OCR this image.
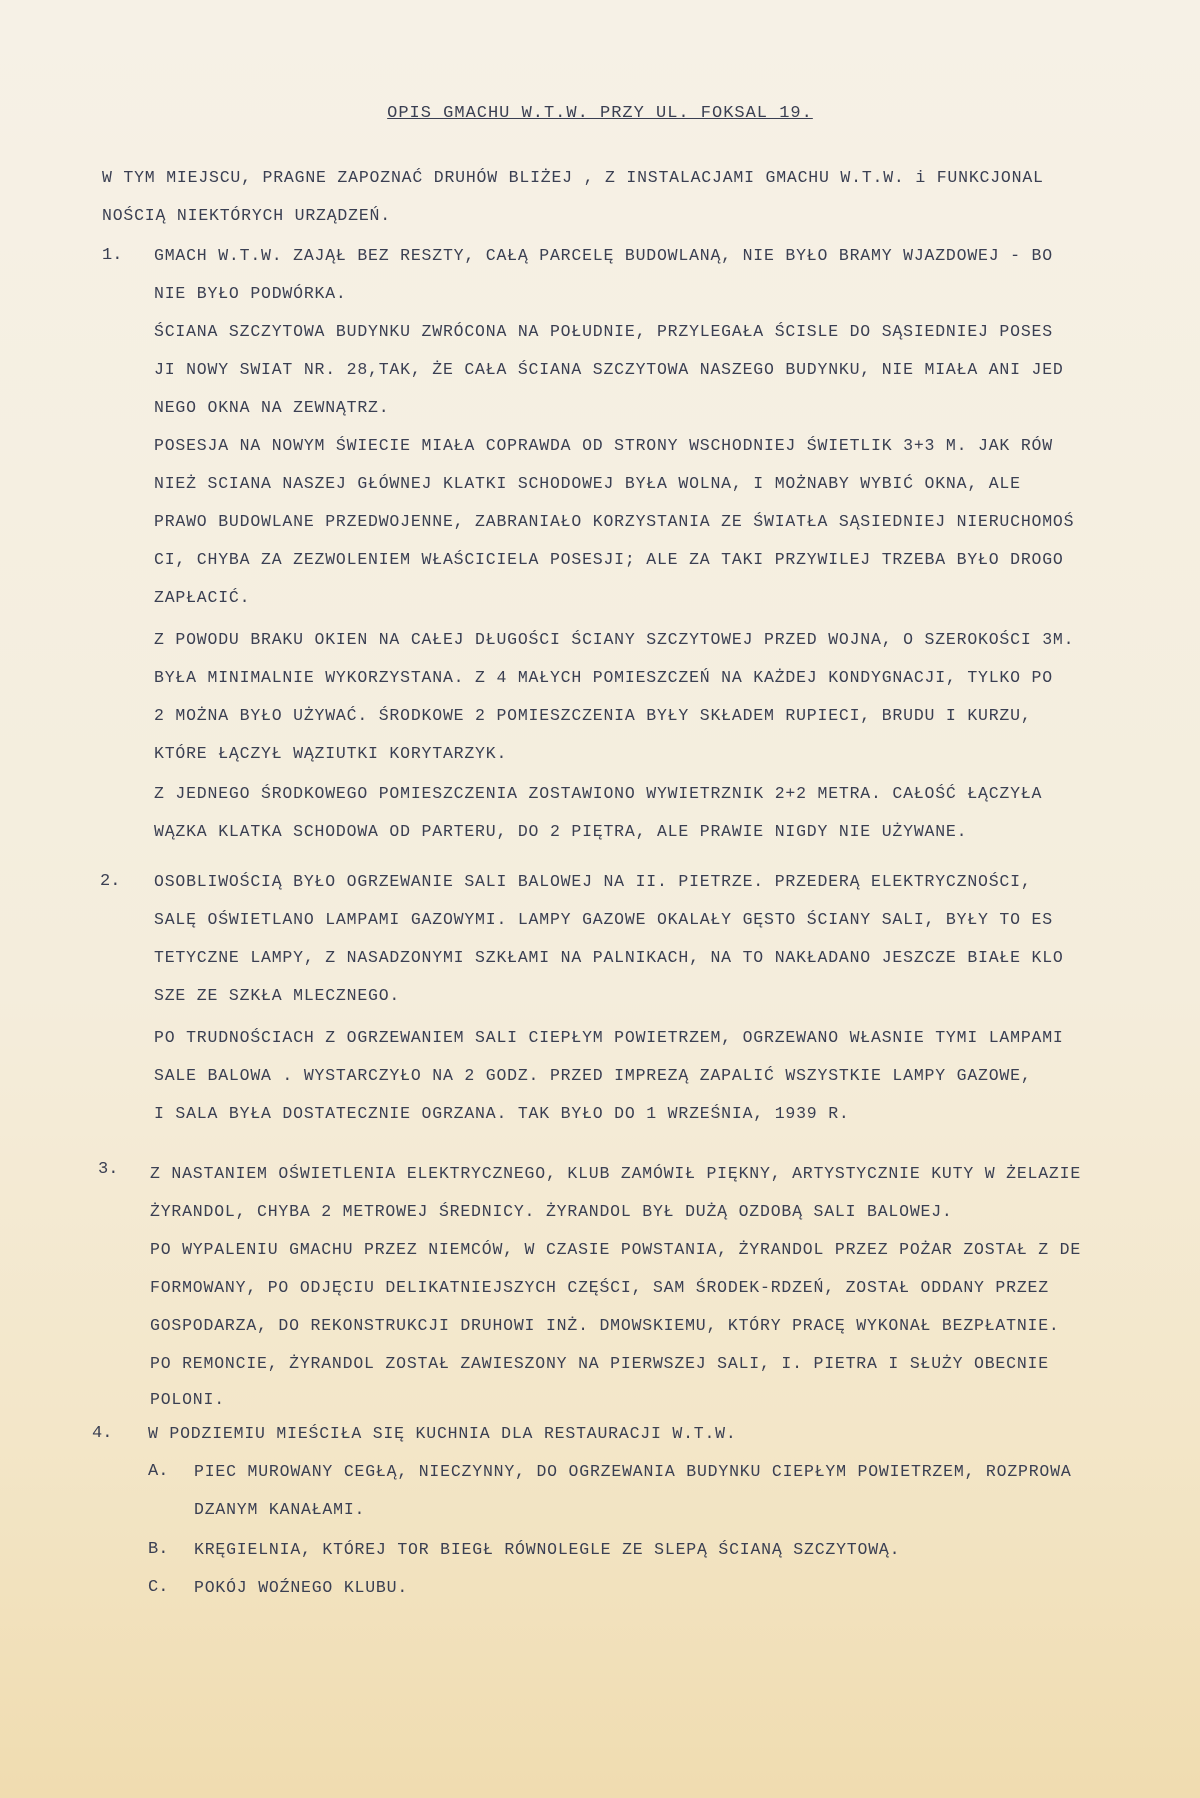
OPIS GMACHU W.T.W. PRZY UL. FOKSAL 19.
W TYM MIEJSCU, PRAGNE ZAPOZNAĆ DRUHÓW BLIŻEJ , Z INSTALACJAMI GMACHU W.T.W. i FUNKCJONAL
NOŚCIĄ NIEKTÓRYCH URZĄDZEŃ.
1. GMACH W.T.W. ZAJĄŁ BEZ RESZTY, CAŁĄ PARCELĘ BUDOWLANĄ, NIE BYŁO BRAMY WJAZDOWEJ - BO
NIE BYŁO PODWÓRKA.
ŚCIANA SZCZYTOWA BUDYNKU ZWRÓCONA NA POŁUDNIE, PRZYLEGAŁA ŚCISLE DO SĄSIEDNIEJ POSES
JI NOWY SWIAT NR. 28,TAK, ŻE CAŁA ŚCIANA SZCZYTOWA NASZEGO BUDYNKU, NIE MIAŁA ANI JED
NEGO OKNA NA ZEWNĄTRZ.
POSESJA NA NOWYM ŚWIECIE MIAŁA COPRAWDA OD STRONY WSCHODNIEJ ŚWIETLIK 3+3 M. JAK RÓW
NIEŻ SCIANA NASZEJ GŁÓWNEJ KLATKI SCHODOWEJ BYŁA WOLNA, I MOŻNABY WYBIĆ OKNA, ALE
PRAWO BUDOWLANE PRZEDWOJENNE, ZABRANIAŁO KORZYSTANIA ZE ŚWIATŁA SĄSIEDNIEJ NIERUCHOMOŚ
CI, CHYBA ZA ZEZWOLENIEM WŁAŚCICIELA POSESJI; ALE ZA TAKI PRZYWILEJ TRZEBA BYŁO DROGO
ZAPŁACIĆ.
Z POWODU BRAKU OKIEN NA CAŁEJ DŁUGOŚCI ŚCIANY SZCZYTOWEJ PRZED WOJNA, O SZEROKOŚCI 3M.
BYŁA MINIMALNIE WYKORZYSTANA. Z 4 MAŁYCH POMIESZCZEŃ NA KAŻDEJ KONDYGNACJI, TYLKO PO
2 MOŻNA BYŁO UŻYWAĆ. ŚRODKOWE 2 POMIESZCZENIA BYŁY SKŁADEM RUPIECI, BRUDU I KURZU,
KTÓRE ŁĄCZYŁ WĄZIUTKI KORYTARZYK.
Z JEDNEGO ŚRODKOWEGO POMIESZCZENIA ZOSTAWIONO WYWIETRZNIK 2+2 METRA. CAŁOŚĆ ŁĄCZYŁA
WĄZKA KLATKA SCHODOWA OD PARTERU, DO 2 PIĘTRA, ALE PRAWIE NIGDY NIE UŻYWANE.
2. OSOBLIWOŚCIĄ BYŁO OGRZEWANIE SALI BALOWEJ NA II. PIETRZE. PRZEDERĄ ELEKTRYCZNOŚCI,
SALĘ OŚWIETLANO LAMPAMI GAZOWYMI. LAMPY GAZOWE OKALAŁY GĘSTO ŚCIANY SALI, BYŁY TO ES
TETYCZNE LAMPY, Z NASADZONYMI SZKŁAMI NA PALNIKACH, NA TO NAKŁADANO JESZCZE BIAŁE KLO
SZE ZE SZKŁA MLECZNEGO.
PO TRUDNOŚCIACH Z OGRZEWANIEM SALI CIEPŁYM POWIETRZEM, OGRZEWANO WŁASNIE TYMI LAMPAMI
SALE BALOWA . WYSTARCZYŁO NA 2 GODZ. PRZED IMPREZĄ ZAPALIĆ WSZYSTKIE LAMPY GAZOWE,
I SALA BYŁA DOSTATECZNIE OGRZANA. TAK BYŁO DO 1 WRZEŚNIA, 1939 R.
3. Z NASTANIEM OŚWIETLENIA ELEKTRYCZNEGO, KLUB ZAMÓWIŁ PIĘKNY, ARTYSTYCZNIE KUTY W ŻELAZIE
ŻYRANDOL, CHYBA 2 METROWEJ ŚREDNICY. ŻYRANDOL BYŁ DUŻĄ OZDOBĄ SALI BALOWEJ.
PO WYPALENIU GMACHU PRZEZ NIEMCÓW, W CZASIE POWSTANIA, ŻYRANDOL PRZEZ POŻAR ZOSTAŁ Z DE
FORMOWANY, PO ODJĘCIU DELIKATNIEJSZYCH CZĘŚCI, SAM ŚRODEK-RDZEŃ, ZOSTAŁ ODDANY PRZEZ
GOSPODARZA, DO REKONSTRUKCJI DRUHOWI INŻ. DMOWSKIEMU, KTÓRY PRACĘ WYKONAŁ BEZPŁATNIE.
PO REMONCIE, ŻYRANDOL ZOSTAŁ ZAWIESZONY NA PIERWSZEJ SALI, I. PIETRA I SŁUŻY OBECNIE
POLONI.
4. W PODZIEMIU MIEŚCIŁA SIĘ KUCHNIA DLA RESTAURACJI W.T.W.
A. PIEC MUROWANY CEGŁĄ, NIECZYNNY, DO OGRZEWANIA BUDYNKU CIEPŁYM POWIETRZEM, ROZPROWA
DZANYM KANAŁAMI.
B. KRĘGIELNIA, KTÓREJ TOR BIEGŁ RÓWNOLEGLE ZE SLEPĄ ŚCIANĄ SZCZYTOWĄ.
C. POKÓJ WOŹNEGO KLUBU.
